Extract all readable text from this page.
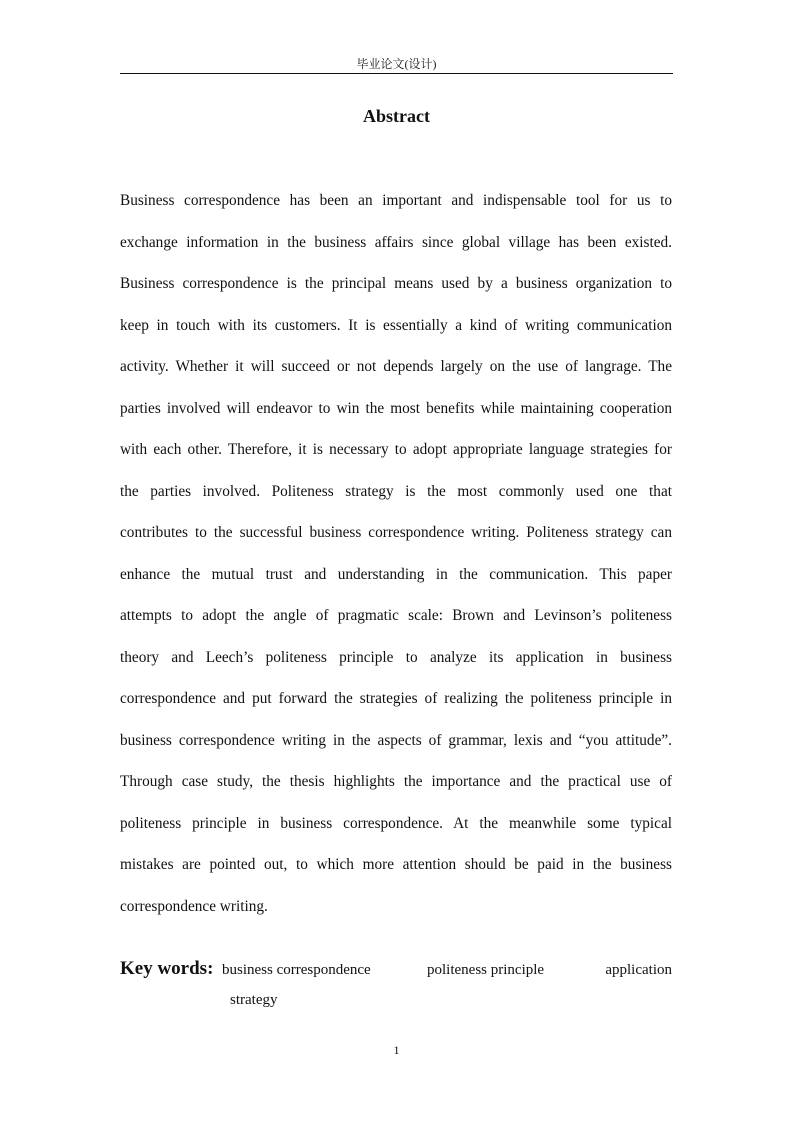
毕业论文(设计)
Abstract
Business correspondence has been an important and indispensable tool for us to
exchange information in the business affairs since global village has been existed.
Business correspondence is the principal means used by a business organization to
keep in touch with its customers. It is essentially a kind of writing communication
activity. Whether it will succeed or not depends largely on the use of langrage. The
parties involved will endeavor to win the most benefits while maintaining cooperation
with each other. Therefore, it is necessary to adopt appropriate language strategies for
the parties involved. Politeness strategy is the most commonly used one that
contributes to the successful business correspondence writing. Politeness strategy can
enhance the mutual trust and understanding in the communication. This paper
attempts to adopt the angle of pragmatic scale: Brown and Levinson’s politeness
theory and Leech’s politeness principle to analyze its application in business
correspondence and put forward the strategies of realizing the politeness principle in
business correspondence writing in the aspects of grammar, lexis and “you attitude”.
Through case study, the thesis highlights the importance and the practical use of
politeness principle in business correspondence. At the meanwhile some typical
mistakes are pointed out, to which more attention should be paid in the business
correspondence writing.
Key words: business correspondence	politeness principle	application
strategy
1
